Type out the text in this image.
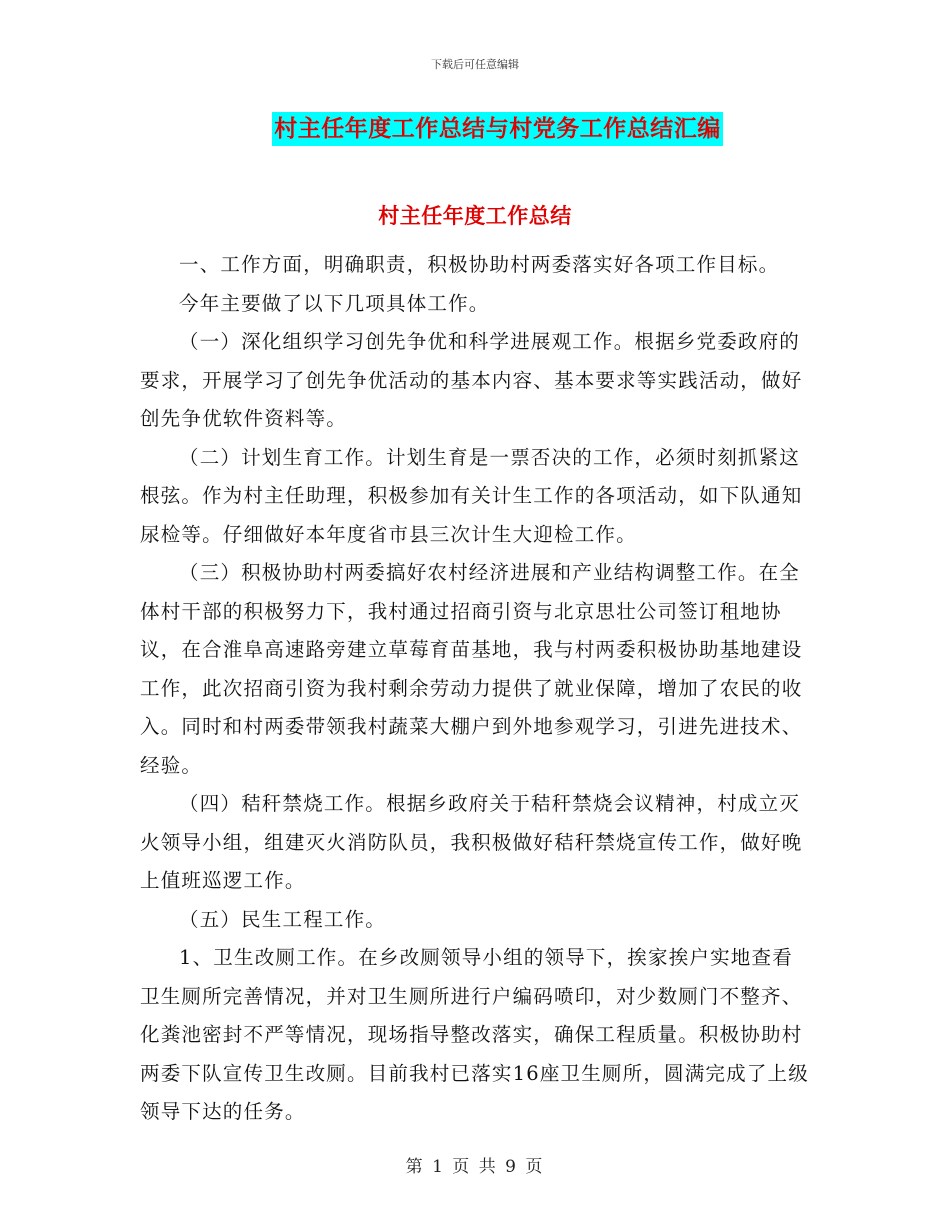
下载后可任意编辑
村主任年度工作总结与村党务工作总结汇编
村主任年度工作总结

一、工作方面，明确职责，积极协助村两委落实好各项工作目标。

今年主要做了以下几项具体工作。

（一）深化组织学习创先争优和科学进展观工作。根据乡党委政府的要求，开展学习了创先争优活动的基本内容、基本要求等实践活动，做好创先争优软件资料等。

（二）计划生育工作。计划生育是一票否决的工作，必须时刻抓紧这根弦。作为村主任助理，积极参加有关计生工作的各项活动，如下队通知尿检等。仔细做好本年度省市县三次计生大迎检工作。

（三）积极协助村两委搞好农村经济进展和产业结构调整工作。在全体村干部的积极努力下，我村通过招商引资与北京思壮公司签订租地协议，在合淮阜高速路旁建立草莓育苗基地，我与村两委积极协助基地建设工作，此次招商引资为我村剩余劳动力提供了就业保障，增加了农民的收入。同时和村两委带领我村蔬菜大棚户到外地参观学习，引进先进技术、经验。

（四）秸秆禁烧工作。根据乡政府关于秸秆禁烧会议精神，村成立灭火领导小组，组建灭火消防队员，我积极做好秸秆禁烧宣传工作，做好晚上值班巡逻工作。

（五）民生工程工作。

1、卫生改厕工作。在乡改厕领导小组的领导下，挨家挨户实地查看卫生厕所完善情况，并对卫生厕所进行户编码喷印，对少数厕门不整齐、化粪池密封不严等情况，现场指导整改落实，确保工程质量。积极协助村两委下队宣传卫生改厕。目前我村已落实16座卫生厕所，圆满完成了上级领导下达的任务。

第 1 页 共 9 页
